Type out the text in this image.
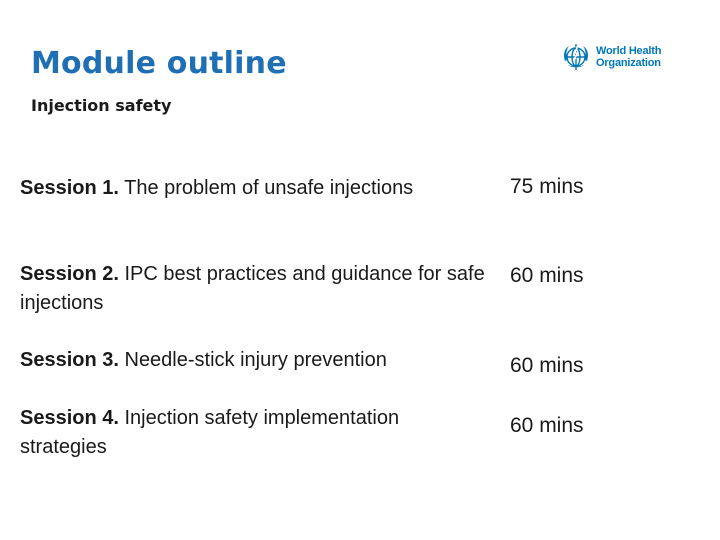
Module outline
Injection safety
World Health
Organization
Session 1. The problem of unsafe injections	75 mins
Session 2. IPC best practices and guidance for safe injections
60 mins
Session 3. Needle-stick injury prevention	60 mins
Session 4. Injection safety implementation strategies
60 mins
